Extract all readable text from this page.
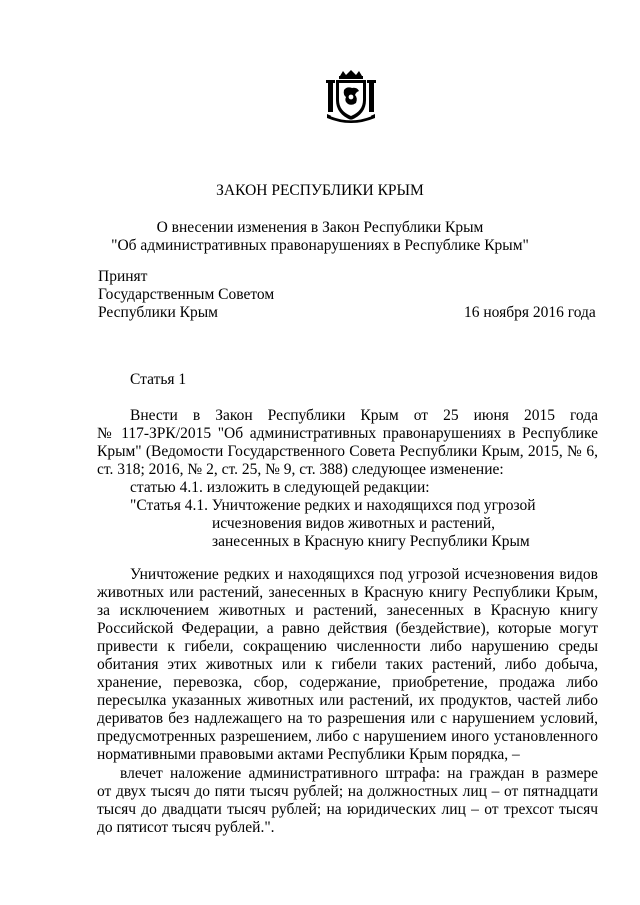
ЗАКОН РЕСПУБЛИКИ КРЫМ
О внесении изменения в Закон Республики Крым
"Об административных правонарушениях в Республике Крым"
Принят
Государственным Советом
Республики Крым	16 ноября 2016 года
Статья 1
Внести в Закон Республики Крым от 25 июня 2015 года
№ 117-ЗРК/2015 "Об административных правонарушениях в Республике
Крым" (Ведомости Государственного Совета Республики Крым, 2015, № 6,
ст. 318; 2016, № 2, ст. 25, № 9, ст. 388) следующее изменение:
статью 4.1. изложить в следующей редакции:
"Статья 4.1. Уничтожение редких и находящихся под угрозой
исчезновения видов животных и растений,
занесенных в Красную книгу Республики Крым
Уничтожение редких и находящихся под угрозой исчезновения видов
животных или растений, занесенных в Красную книгу Республики Крым,
за исключением животных и растений, занесенных в Красную книгу
Российской Федерации, а равно действия (бездействие), которые могут
привести к гибели, сокращению численности либо нарушению среды
обитания этих животных или к гибели таких растений, либо добыча,
хранение, перевозка, сбор, содержание, приобретение, продажа либо
пересылка указанных животных или растений, их продуктов, частей либо
дериватов без надлежащего на то разрешения или с нарушением условий,
предусмотренных разрешением, либо с нарушением иного установленного
нормативными правовыми актами Республики Крым порядка, –
влечет наложение административного штрафа: на граждан в размере
от двух тысяч до пяти тысяч рублей; на должностных лиц – от пятнадцати
тысяч до двадцати тысяч рублей; на юридических лиц – от трехсот тысяч
до пятисот тысяч рублей.".
